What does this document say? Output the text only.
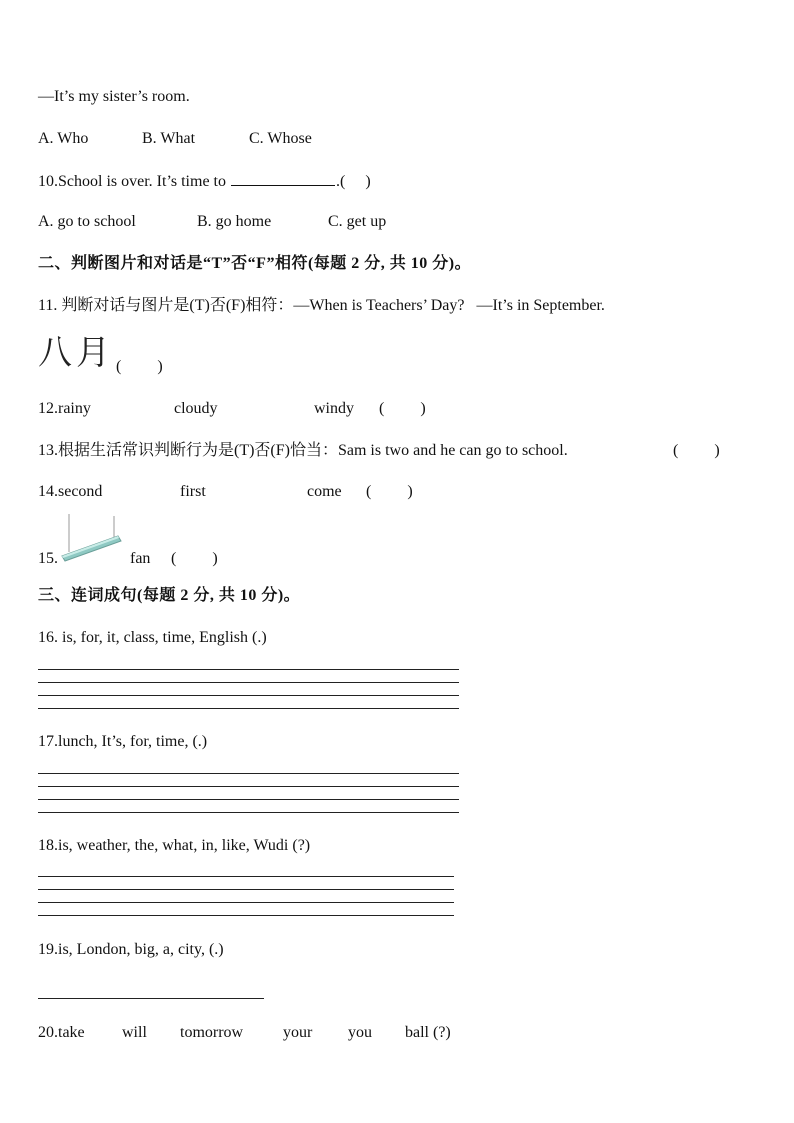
—It’s my sister’s room.
A. Who	B. What	C. Whose
10.School is over. It’s time to	.(     )
A. go to school	B. go home	C. get up
二、判断图片和对话是“T”否“F”相符(每题 2 分, 共 10 分)。
11. 判断对话与图片是(T)否(F)相符：—When is Teachers’ Day?   —It’s in September.
八月 (         )
12.rainy	cloudy	windy (         )
13.根据生活常识判断行为是(T)否(F)恰当：Sam is two and he can go to school.	(         )
14.second	first	come (         )
15.	fan (         )
三、连词成句(每题 2 分, 共 10 分)。
16. is, for, it, class, time, English (.)
17.lunch, It’s, for, time, (.)
18.is, weather, the, what, in, like, Wudi (?)
19.is, London, big, a, city, (.)
20.take will tomorrow your you ball (?)
